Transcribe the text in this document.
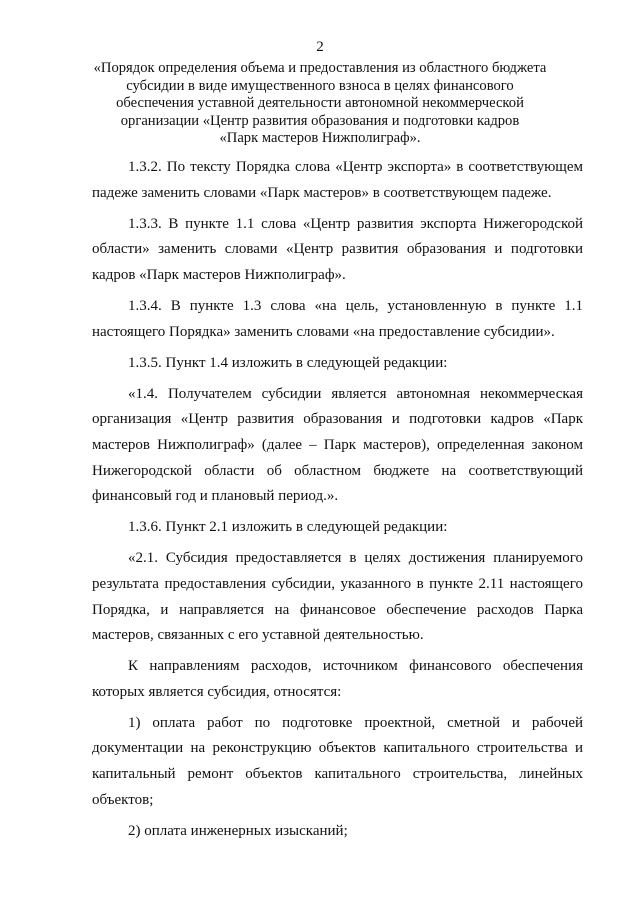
2
«Порядок определения объема и предоставления из областного бюджета
субсидии в виде имущественного взноса в целях финансового
обеспечения уставной деятельности автономной некоммерческой
организации «Центр развития образования и подготовки кадров
«Парк мастеров Нижполиграф».
1.3.2. По тексту Порядка слова «Центр экспорта» в соответствующем падеже заменить словами «Парк мастеров» в соответствующем падеже.
1.3.3. В пункте 1.1 слова «Центр развития экспорта Нижегородской области» заменить словами «Центр развития образования и подготовки кадров «Парк мастеров Нижполиграф».
1.3.4. В пункте 1.3 слова «на цель, установленную в пункте 1.1 настоящего Порядка» заменить словами «на предоставление субсидии».
1.3.5. Пункт 1.4 изложить в следующей редакции:
«1.4. Получателем субсидии является автономная некоммерческая организация «Центр развития образования и подготовки кадров «Парк мастеров Нижполиграф» (далее – Парк мастеров), определенная законом Нижегородской области об областном бюджете на соответствующий финансовый год и плановый период.».
1.3.6. Пункт 2.1 изложить в следующей редакции:
«2.1. Субсидия предоставляется в целях достижения планируемого результата предоставления субсидии, указанного в пункте 2.11 настоящего Порядка, и направляется на финансовое обеспечение расходов Парка мастеров, связанных с его уставной деятельностью.
К направлениям расходов, источником финансового обеспечения которых является субсидия, относятся:
1) оплата работ по подготовке проектной, сметной и рабочей документации на реконструкцию объектов капитального строительства и капитальный ремонт объектов капитального строительства, линейных объектов;
2) оплата инженерных изысканий;
